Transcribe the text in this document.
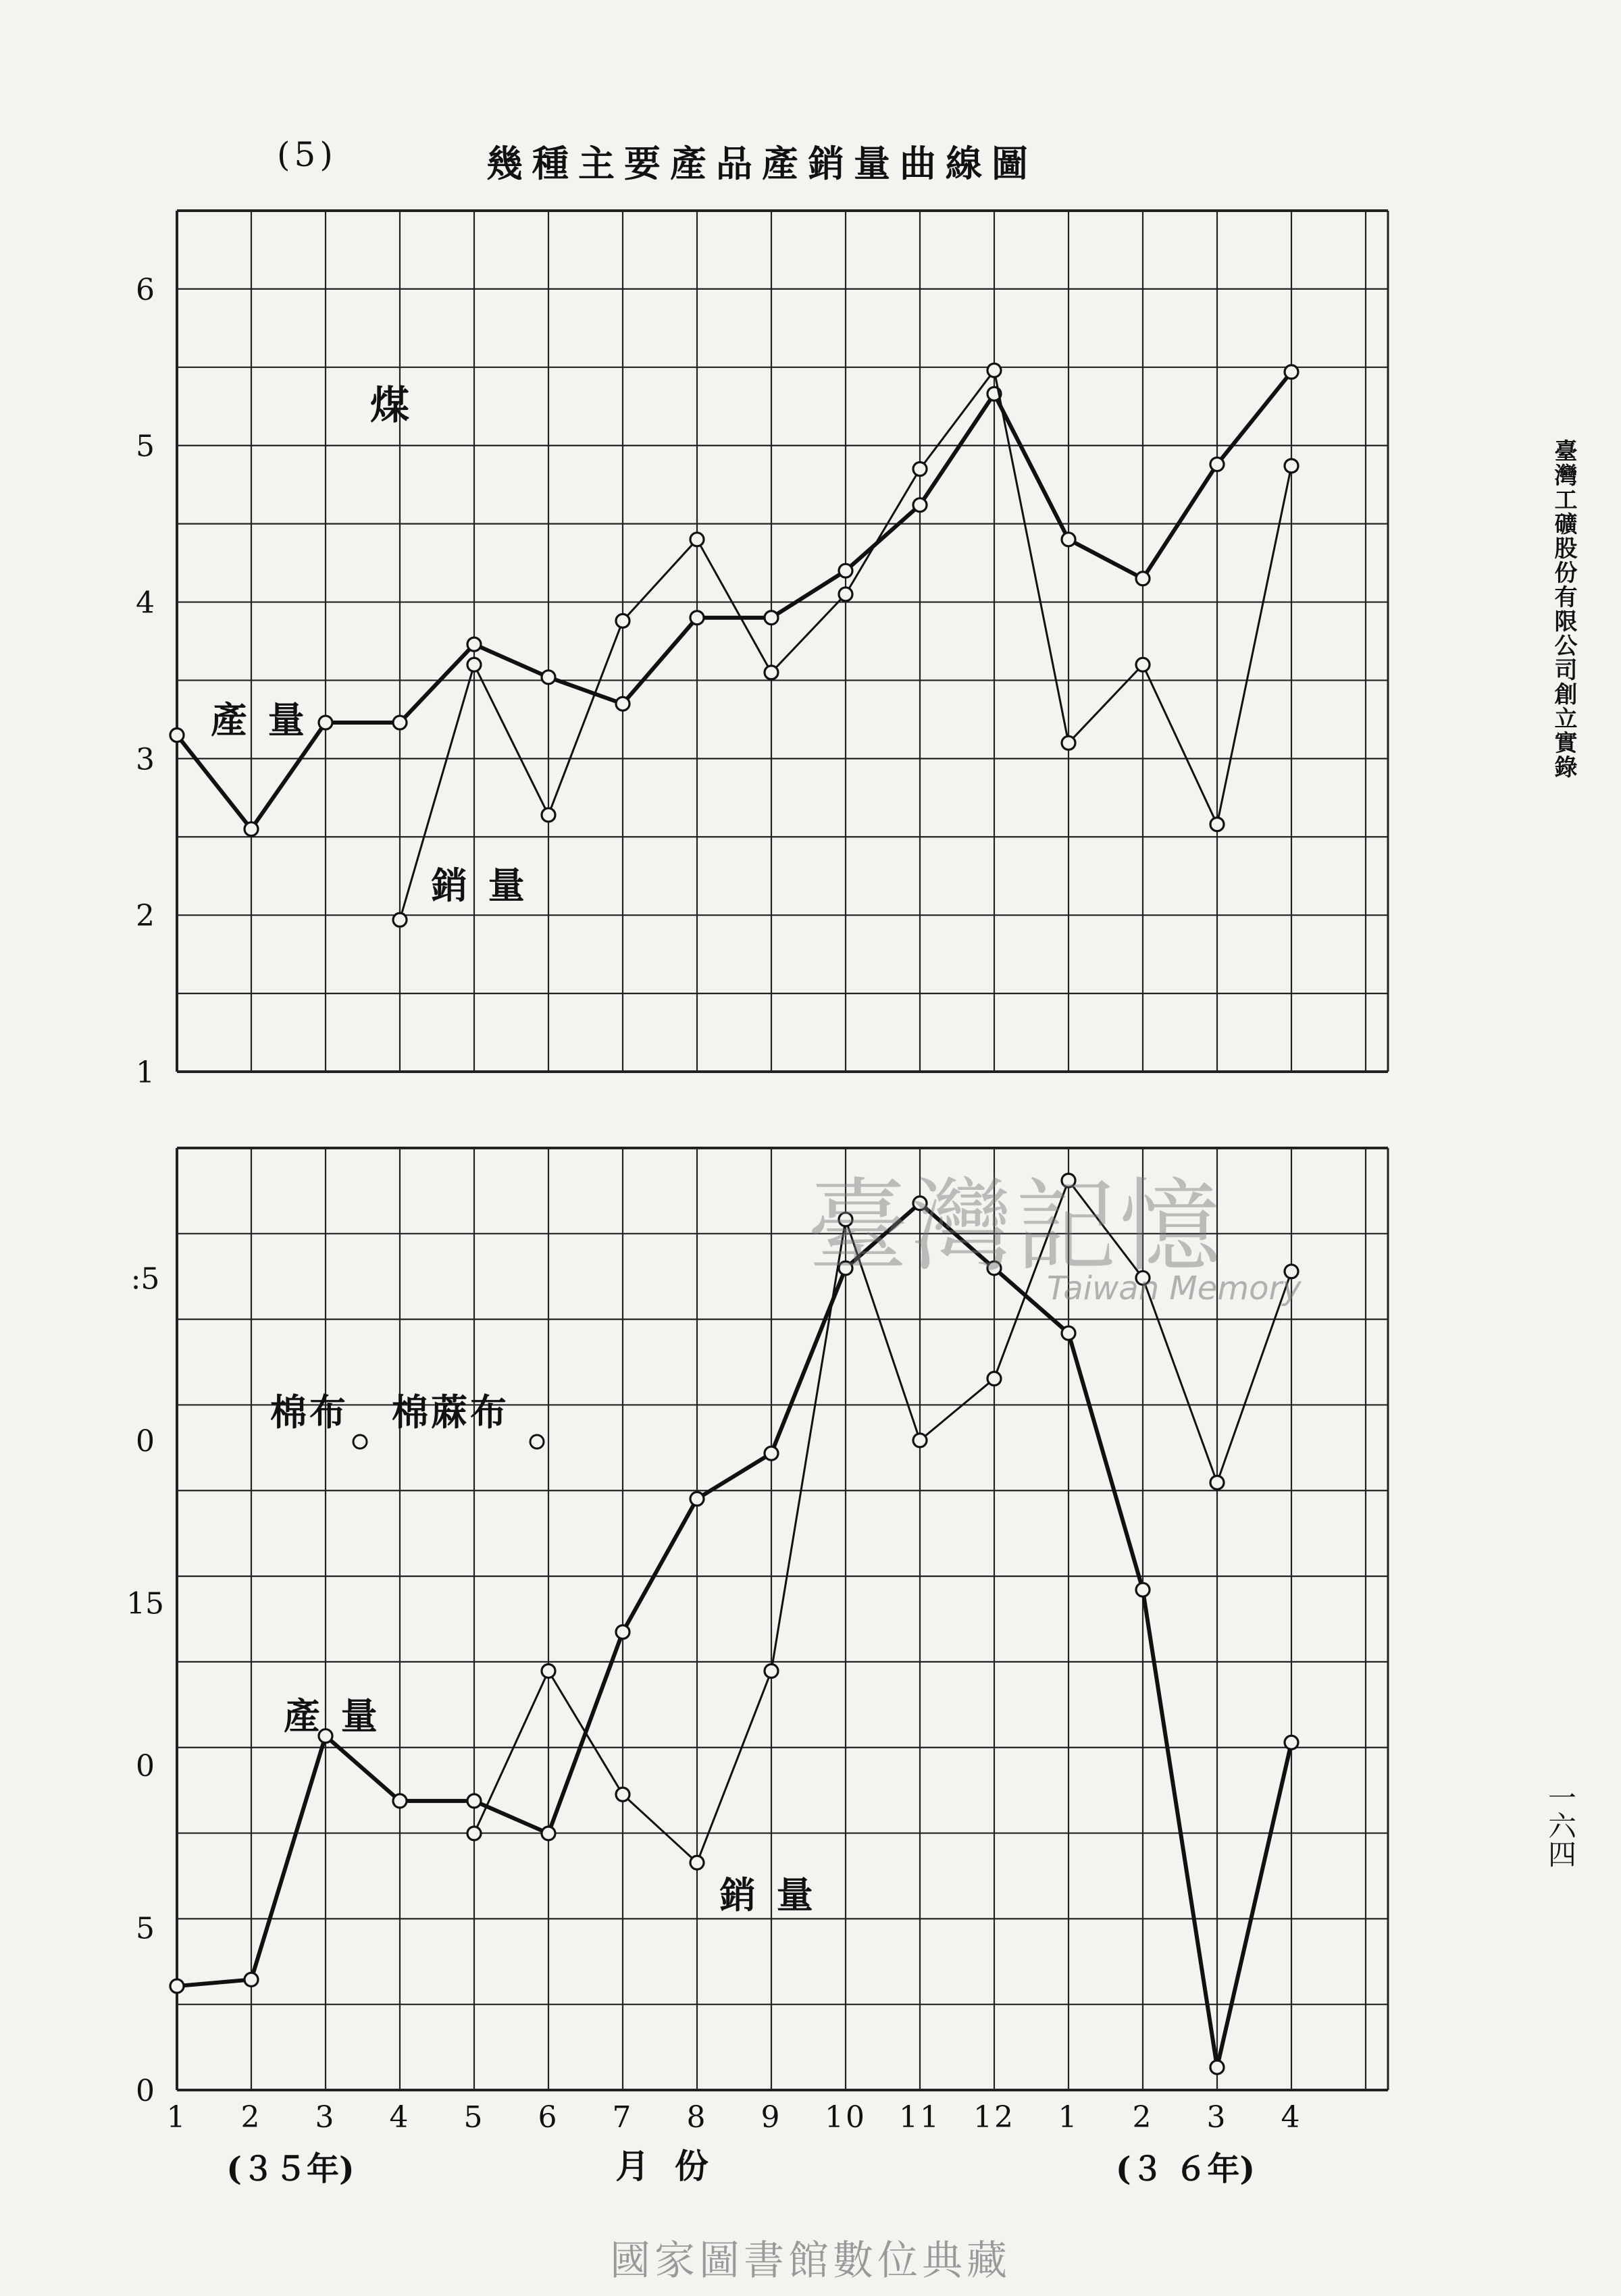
(5)	幾種主要產品產銷量曲線圖
臺灣工礦股份有限公司創立實錄
一六四
1
2
3
4
5
6
煤
產 量
銷 量
0
5
0
15
0
:5
產 量
銷 量
棉布 棉蔴布
1 2 3 4 5 6 7 8 9 10 11 12 1 2 3 4
月 份
(３５年)	(３ ６年)
臺灣記憶
Taiwan Memory
國家圖書館數位典藏
